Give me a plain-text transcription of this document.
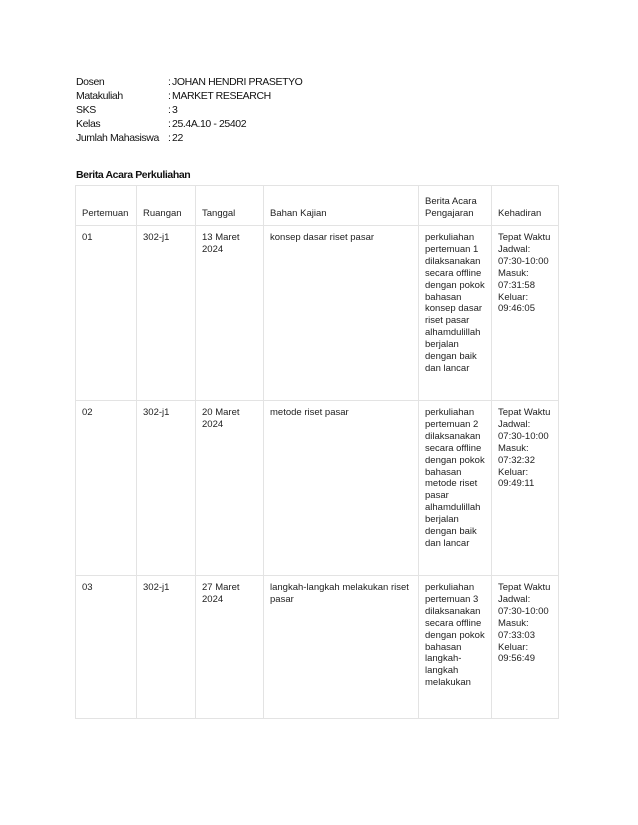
Dosen	: JOHAN HENDRI PRASETYO
Matakuliah	: MARKET RESEARCH
SKS	: 3
Kelas	: 25.4A.10 - 25402
Jumlah Mahasiswa : 22
Berita Acara Perkuliahan
Pertemuan	Ruangan	Tanggal	Bahan Kajian	Berita Acara Pengajaran	Kehadiran
01	302-j1	13 Maret 2024	konsep dasar riset pasar	perkuliahan pertemuan 1 dilaksanakan secara offline dengan pokok bahasan konsep dasar riset pasar alhamdulillah berjalan dengan baik dan lancar	Tepat Waktu Jadwal: 07:30-10:00 Masuk: 07:31:58 Keluar: 09:46:05
02	302-j1	20 Maret 2024	metode riset pasar	perkuliahan pertemuan 2 dilaksanakan secara offline dengan pokok bahasan metode riset pasar alhamdulillah berjalan dengan baik dan lancar	Tepat Waktu Jadwal: 07:30-10:00 Masuk: 07:32:32 Keluar: 09:49:11
03	302-j1	27 Maret 2024	langkah-langkah melakukan riset pasar	perkuliahan pertemuan 3 dilaksanakan secara offline dengan pokok bahasan langkah-langkah melakukan	Tepat Waktu Jadwal: 07:30-10:00 Masuk: 07:33:03 Keluar: 09:56:49
